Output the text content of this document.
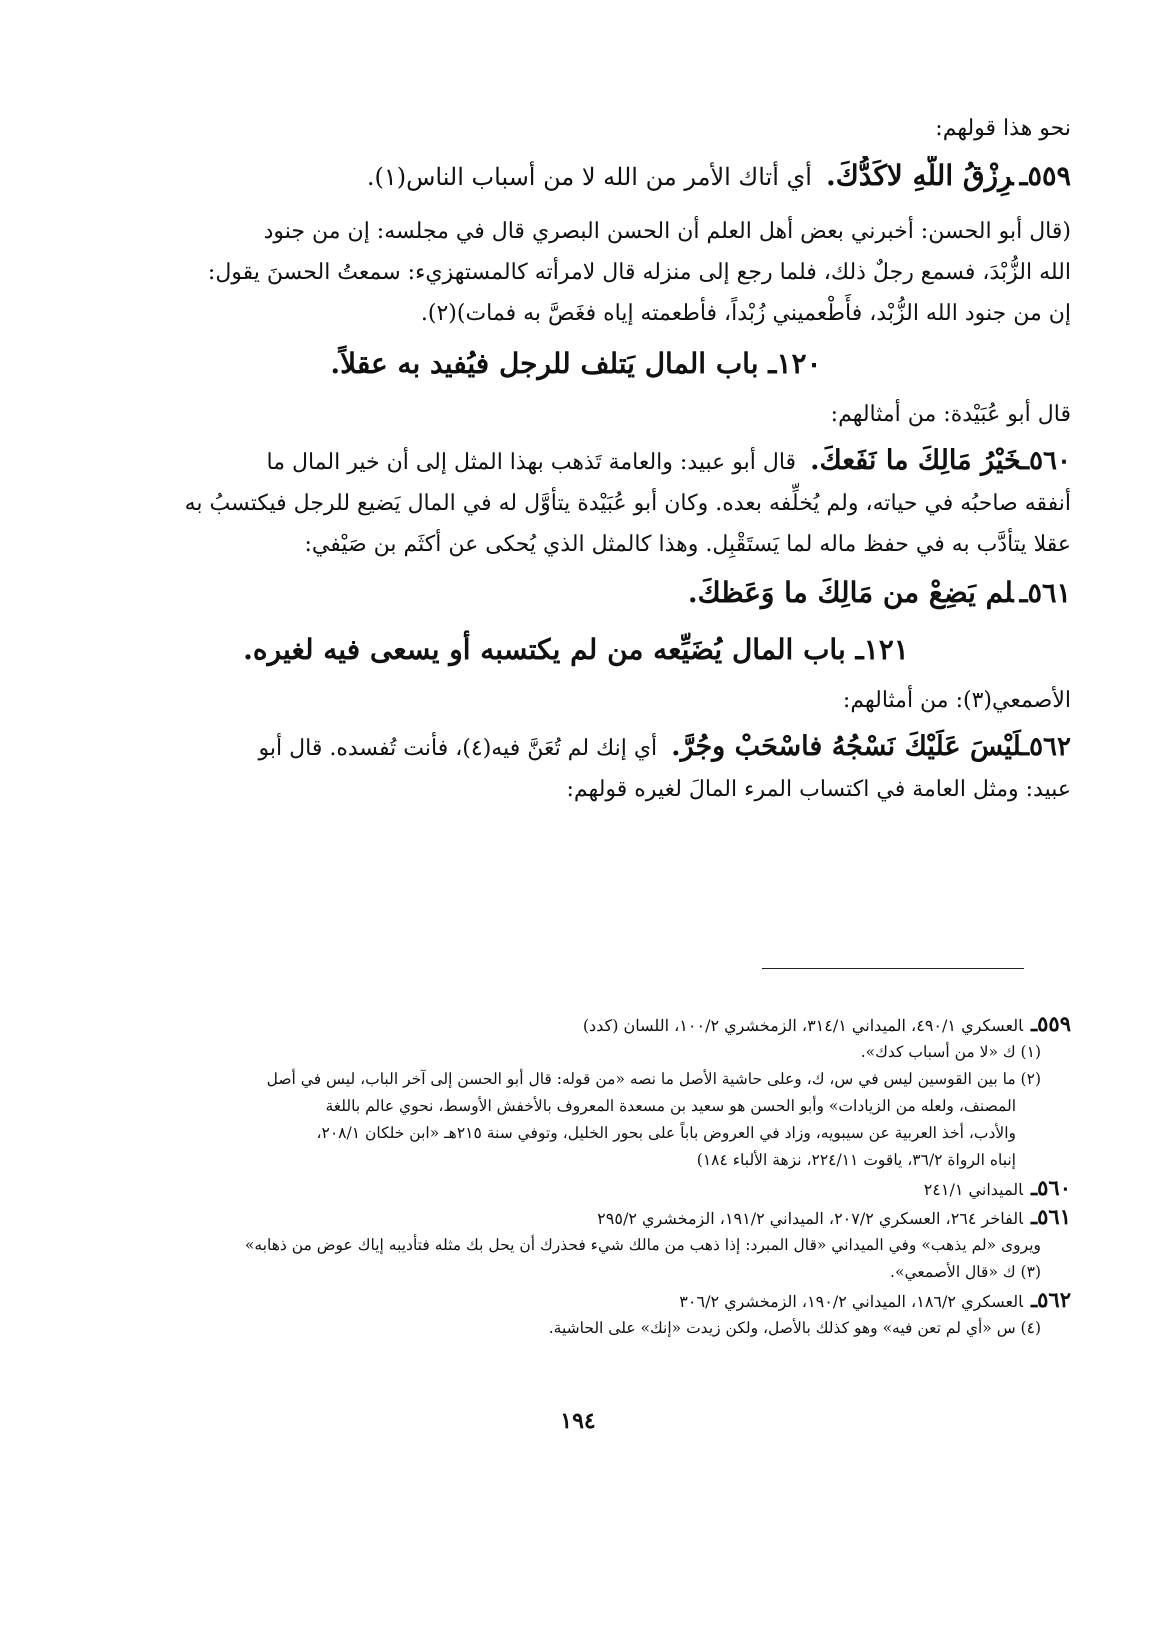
نحو هذا قولهم:
٥٥٩ـرِزْقُ اللّهِ لاكَدُّكَ.أي أتاك الأمر من الله لا من أسباب الناس(١).
(قال أبو الحسن: أخبرني بعض أهل العلم أن الحسن البصري قال في مجلسه: إن من جنود
الله الزُّبْدَ، فسمع رجلٌ ذلك، فلما رجع إلى منزله قال لامرأته كالمستهزيء: سمعتُ الحسنَ يقول:
إن من جنود الله الزُّبْد، فأَطْعميني زُبْداً، فأطعمته إياه فغَصَّ به فمات)(٢).
١٢٠ـ باب المال يَتلف للرجل فيُفيد به عقلاً.
قال أبو عُبَيْدة: من أمثالهم:
٥٦٠ـخَيْرُ مَالِكَ ما نَفَعكَ.قال أبو عبيد: والعامة تَذهب بهذا المثل إلى أن خير المال ما
أنفقه صاحبُه في حياته، ولم يُخلِّفه بعده. وكان أبو عُبَيْدة يتأوَّل له في المال يَضيع للرجل فيكتسبُ به
عقلا يتأدَّب به في حفظ ماله لما يَستَقْبِل. وهذا كالمثل الذي يُحكى عن أكثَم بن صَيْفي:
٥٦١ـلم يَضِعْ من مَالِكَ ما وَعَظكَ.
١٢١ـ باب المال يُضَيِّعه من لم يكتسبه أو يسعى فيه لغيره.
الأصمعي(٣): من أمثالهم:
٥٦٢ـلَيْسَ عَلَيْكَ نَسْجُهُ فاسْحَبْ وجُرَّ.أي إنك لم تُعَنَّ فيه(٤)، فأنت تُفسده. قال أبو
عبيد: ومثل العامة في اكتساب المرء المالَ لغيره قولهم:
٥٥٩ـالعسكري ٤٩٠/١، الميداني ٣١٤/١، الزمخشري ١٠٠/٢، اللسان (كدد)
(١) ك «لا من أسباب كدك».
(٢) ما بين القوسين ليس في س، ك، وعلى حاشية الأصل ما نصه «من قوله: قال أبو الحسن إلى آخر الباب، ليس في أصل
المصنف، ولعله من الزيادات» وأبو الحسن هو سعيد بن مسعدة المعروف بالأخفش الأوسط، نحوي عالم باللغة
والأدب، أخذ العربية عن سيبويه، وزاد في العروض باباً على بحور الخليل، وتوفي سنة ٢١٥هـ «ابن خلكان ٢٠٨/١،
إنباه الرواة ٣٦/٢، ياقوت ٢٢٤/١١، نزهة الألباء ١٨٤)
٥٦٠ـالميداني ٢٤١/١
٥٦١ـالفاخر ٢٦٤، العسكري ٢٠٧/٢، الميداني ١٩١/٢، الزمخشري ٢٩٥/٢
ويروى «لم يذهب» وفي الميداني «قال المبرد: إذا ذهب من مالك شيء فحذرك أن يحل بك مثله فتأديبه إياك عوض من ذهابه»
(٣) ك «قال الأصمعي».
٥٦٢ـالعسكري ١٨٦/٢، الميداني ١٩٠/٢، الزمخشري ٣٠٦/٢
(٤) س «أي لم تعن فيه» وهو كذلك بالأصل، ولكن زيدت «إنك» على الحاشية.
١٩٤
